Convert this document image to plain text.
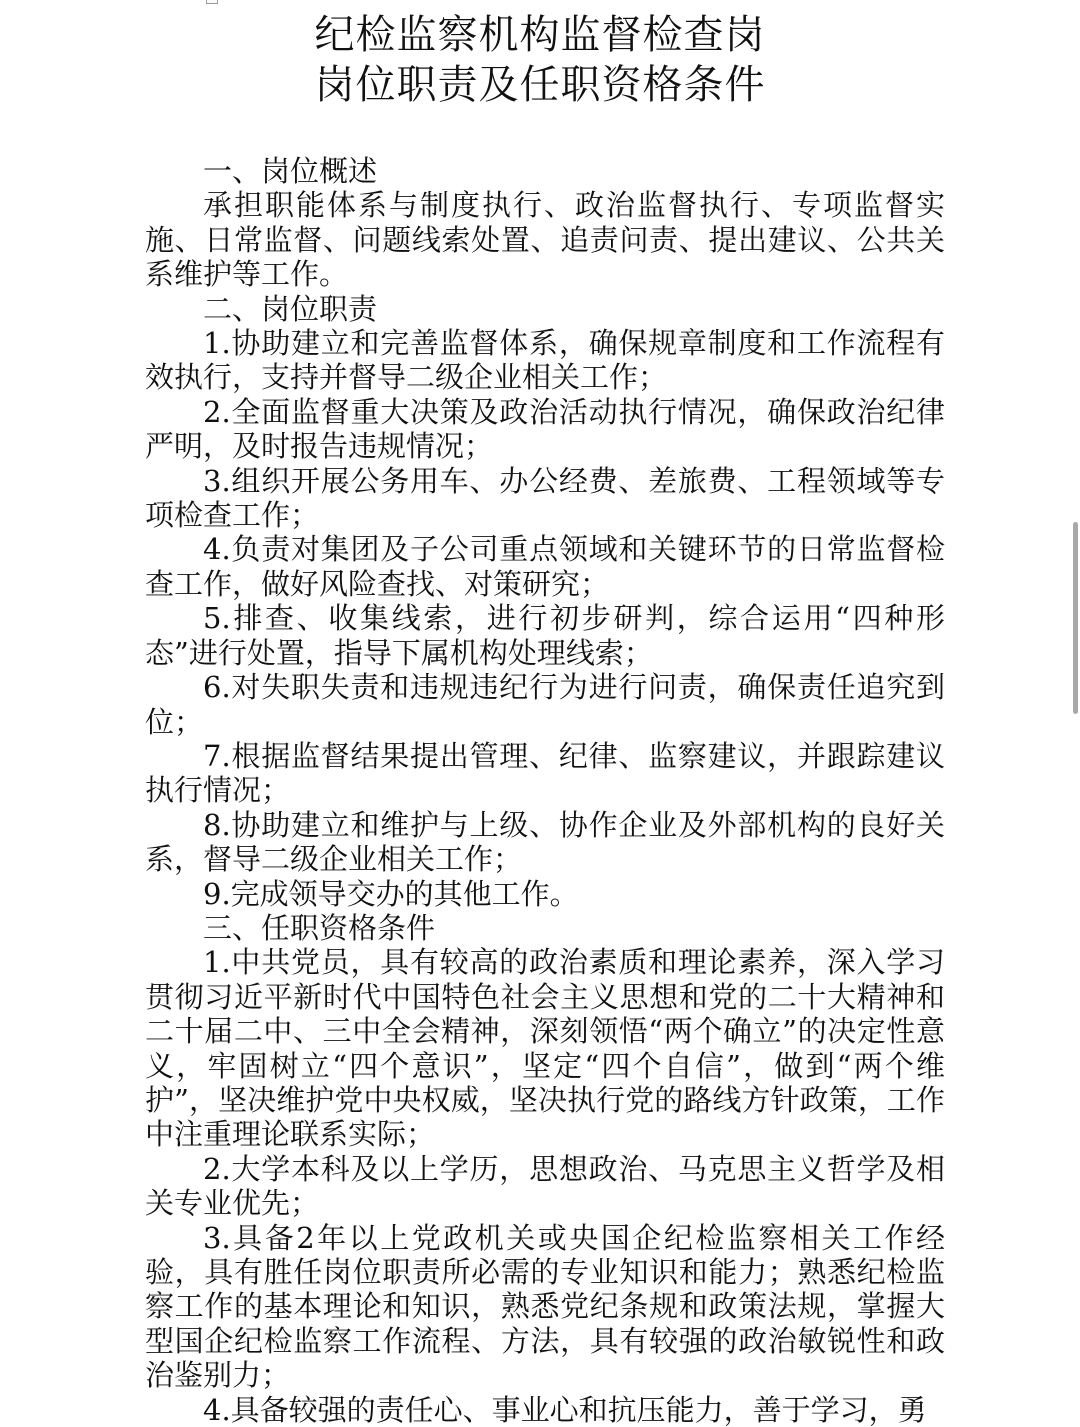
纪检监察机构监督检查岗
岗位职责及任职资格条件

一、岗位概述

承担职能体系与制度执行、政治监督执行、专项监督实施、日常监督、问题线索处置、追责问责、提出建议、公共关系维护等工作。

二、岗位职责

1.协助建立和完善监督体系，确保规章制度和工作流程有效执行，支持并督导二级企业相关工作；

2.全面监督重大决策及政治活动执行情况，确保政治纪律严明，及时报告违规情况；

3.组织开展公务用车、办公经费、差旅费、工程领域等专项检查工作；

4.负责对集团及子公司重点领域和关键环节的日常监督检查工作，做好风险查找、对策研究；

5.排查、收集线索，进行初步研判，综合运用“四种形态”进行处置，指导下属机构处理线索；

6.对失职失责和违规违纪行为进行问责，确保责任追究到位；

7.根据监督结果提出管理、纪律、监察建议，并跟踪建议执行情况；

8.协助建立和维护与上级、协作企业及外部机构的良好关系，督导二级企业相关工作；

9.完成领导交办的其他工作。

三、任职资格条件

1.中共党员，具有较高的政治素质和理论素养，深入学习贯彻习近平新时代中国特色社会主义思想和党的二十大精神和二十届二中、三中全会精神，深刻领悟“两个确立”的决定性意义，牢固树立“四个意识”，坚定“四个自信”，做到“两个维护”，坚决维护党中央权威，坚决执行党的路线方针政策，工作中注重理论联系实际；

2.大学本科及以上学历，思想政治、马克思主义哲学及相关专业优先；

3.具备2年以上党政机关或央国企纪检监察相关工作经验，具有胜任岗位职责所必需的专业知识和能力；熟悉纪检监察工作的基本理论和知识，熟悉党纪条规和政策法规，掌握大型国企纪检监察工作流程、方法，具有较强的政治敏锐性和政治鉴别力；

4.具备较强的责任心、事业心和抗压能力，善于学习，勇
